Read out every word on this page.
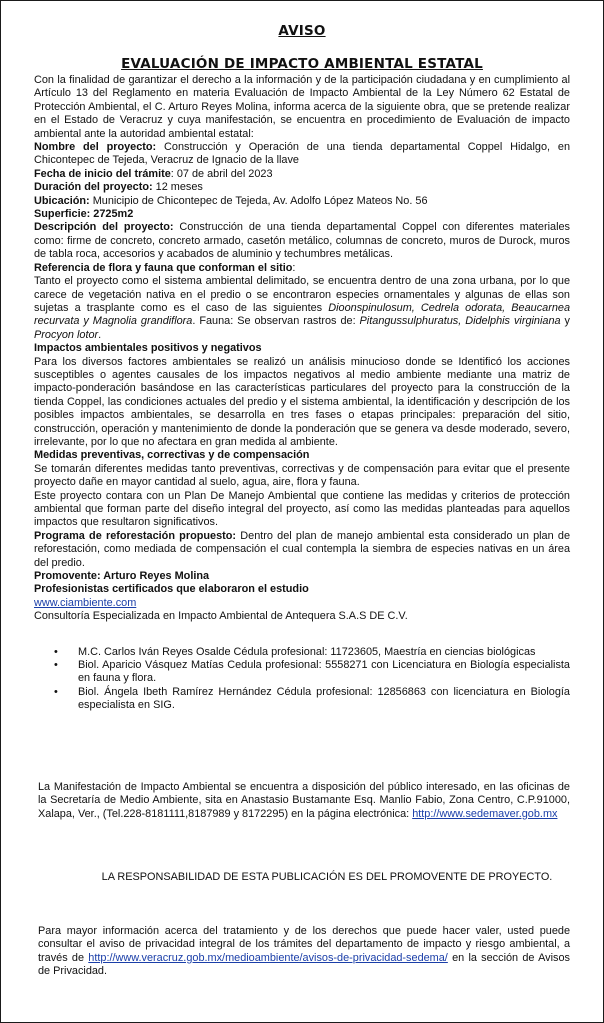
AVISO
EVALUACIÓN DE IMPACTO AMBIENTAL ESTATAL

Con la finalidad de garantizar el derecho a la información y de la participación ciudadana y en cumplimiento al Artículo 13 del Reglamento en materia Evaluación de Impacto Ambiental de la Ley Número 62 Estatal de Protección Ambiental, el C. Arturo Reyes Molina, informa acerca de la siguiente obra, que se pretende realizar en el Estado de Veracruz y cuya manifestación, se encuentra en procedimiento de Evaluación de impacto ambiental ante la autoridad ambiental estatal:

Nombre del proyecto: Construcción y Operación de una tienda departamental Coppel Hidalgo, en Chicontepec de Tejeda, Veracruz de Ignacio de la llave

Fecha de inicio del trámite: 07 de abril del 2023

Duración del proyecto: 12 meses

Ubicación: Municipio de Chicontepec de Tejeda, Av. Adolfo López Mateos No. 56

Superficie: 2725m2

Descripción del proyecto: Construcción de una tienda departamental Coppel con diferentes materiales como: firme de concreto, concreto armado, casetón metálico, columnas de concreto, muros de Durock, muros de tabla roca, accesorios y acabados de aluminio y techumbres metálicas.

Referencia de flora y fauna que conforman el sitio:

Tanto el proyecto como el sistema ambiental delimitado, se encuentra dentro de una zona urbana, por lo que carece de vegetación nativa en el predio o se encontraron especies ornamentales y algunas de ellas son sujetas a trasplante como es el caso de las siguientes Dioonspinulosum, Cedrela odorata, Beaucarnea recurvata y Magnolia grandiflora. Fauna: Se observan rastros de: Pitangussulphuratus, Didelphis virginiana y Procyon lotor.

Impactos ambientales positivos y negativos

Para los diversos factores ambientales se realizó un análisis minucioso donde se Identificó los acciones susceptibles o agentes causales de los impactos negativos al medio ambiente mediante una matriz de impacto-ponderación basándose en las características particulares del proyecto para la construcción de la tienda Coppel, las condiciones actuales del predio y el sistema ambiental, la identificación y descripción de los posibles impactos ambientales, se desarrolla en tres fases o etapas principales: preparación del sitio, construcción, operación y mantenimiento de donde la ponderación que se genera va desde moderado, severo, irrelevante, por lo que no afectara en gran medida al ambiente.

Medidas preventivas, correctivas y de compensación

Se tomarán diferentes medidas tanto preventivas, correctivas y de compensación para evitar que el presente proyecto dañe en mayor cantidad al suelo, agua, aire, flora y fauna.

Este proyecto contara con un Plan De Manejo Ambiental que contiene las medidas y criterios de protección ambiental que forman parte del diseño integral del proyecto, así como las medidas planteadas para aquellos impactos que resultaron significativos.

Programa de reforestación propuesto: Dentro del plan de manejo ambiental esta considerado un plan de reforestación, como mediada de compensación el cual contempla la siembra de especies nativas en un área del predio.

Promovente: Arturo Reyes Molina

Profesionistas certificados que elaboraron el estudio

www.ciambiente.com

Consultoría Especializada en Impacto Ambiental de Antequera S.A.S DE C.V.

• M.C. Carlos Iván Reyes Osalde Cédula profesional: 11723605, Maestría en ciencias biológicas
• Biol. Aparicio Vásquez Matías Cedula profesional: 5558271 con Licenciatura en Biología especialista en fauna y flora.
• Biol. Ángela Ibeth Ramírez Hernández Cédula profesional: 12856863 con licenciatura en Biología especialista en SIG.
La Manifestación de Impacto Ambiental se encuentra a disposición del público interesado, en las oficinas de la Secretaría de Medio Ambiente, sita en Anastasio Bustamante Esq. Manlio Fabio, Zona Centro, C.P.91000, Xalapa, Ver., (Tel.228-8181111,8187989 y 8172295) en la página electrónica: http://www.sedemaver.gob.mx
LA RESPONSABILIDAD DE ESTA PUBLICACIÓN ES DEL PROMOVENTE DE PROYECTO.
Para mayor información acerca del tratamiento y de los derechos que puede hacer valer, usted puede consultar el aviso de privacidad integral de los trámites del departamento de impacto y riesgo ambiental, a través de http://www.veracruz.gob.mx/medioambiente/avisos-de-privacidad-sedema/ en la sección de Avisos de Privacidad.
